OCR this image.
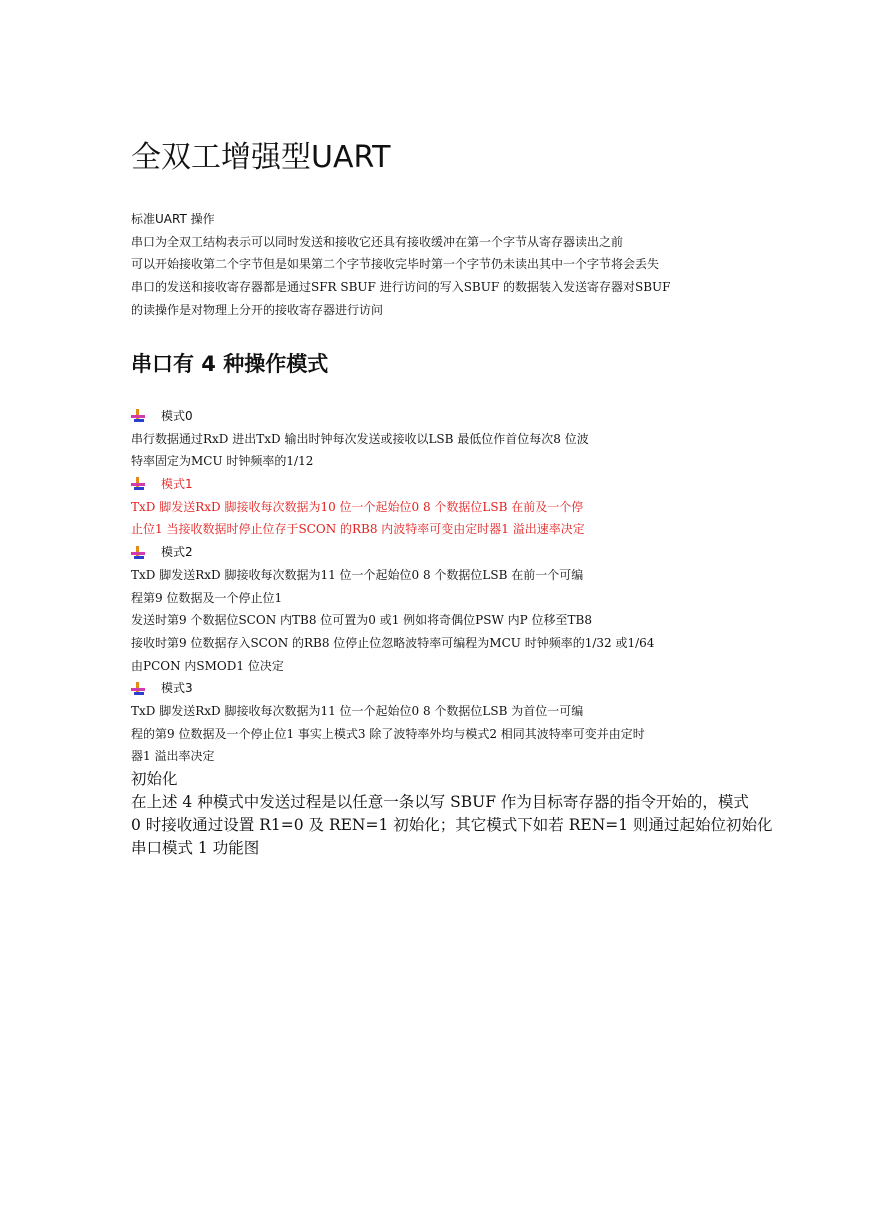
全双工增强型UART
标准UART 操作
串口为全双工结构表示可以同时发送和接收它还具有接收缓冲在第一个字节从寄存器读出之前
可以开始接收第二个字节但是如果第二个字节接收完毕时第一个字节仍未读出其中一个字节将会丢失
串口的发送和接收寄存器都是通过SFR SBUF 进行访问的写入SBUF 的数据装入发送寄存器对SBUF
的读操作是对物理上分开的接收寄存器进行访问
串口有 4 种操作模式
模式0
串行数据通过RxD 进出TxD 输出时钟每次发送或接收以LSB 最低位作首位每次8 位波
特率固定为MCU 时钟频率的1/12
模式1
TxD 脚发送RxD 脚接收每次数据为10 位一个起始位0 8 个数据位LSB 在前及一个停
止位1 当接收数据时停止位存于SCON 的RB8 内波特率可变由定时器1 溢出速率决定
模式2
TxD 脚发送RxD 脚接收每次数据为11 位一个起始位0 8 个数据位LSB 在前一个可编
程第9 位数据及一个停止位1
发送时第9 个数据位SCON 内TB8 位可置为0 或1 例如将奇偶位PSW 内P 位移至TB8
接收时第9 位数据存入SCON 的RB8 位停止位忽略波特率可编程为MCU 时钟频率的1/32 或1/64
由PCON 内SMOD1 位决定
模式3
TxD 脚发送RxD 脚接收每次数据为11 位一个起始位0 8 个数据位LSB 为首位一可编
程的第9 位数据及一个停止位1 事实上模式3 除了波特率外均与模式2 相同其波特率可变并由定时
器1 溢出率决定
初始化
在上述 4 种模式中发送过程是以任意一条以写 SBUF 作为目标寄存器的指令开始的，模式
0 时接收通过设置 R1=0 及 REN=1 初始化；其它模式下如若 REN=1 则通过起始位初始化
串口模式 1 功能图
